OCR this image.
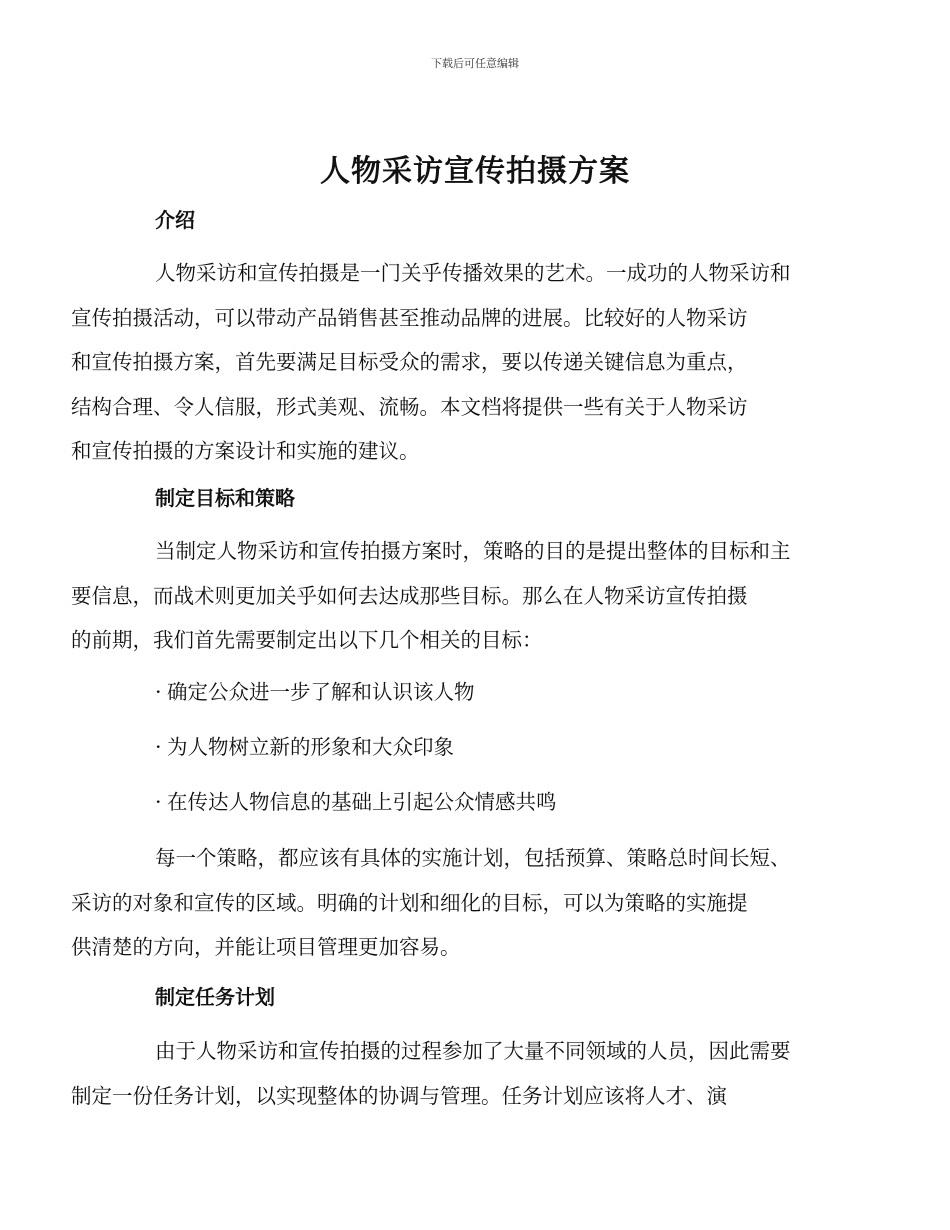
下载后可任意编辑
人物采访宣传拍摄方案
介绍
人物采访和宣传拍摄是一门关乎传播效果的艺术。一成功的人物采访和
宣传拍摄活动，可以带动产品销售甚至推动品牌的进展。比较好的人物采访
和宣传拍摄方案，首先要满足目标受众的需求，要以传递关键信息为重点，
结构合理、令人信服，形式美观、流畅。本文档将提供一些有关于人物采访
和宣传拍摄的方案设计和实施的建议。
制定目标和策略
当制定人物采访和宣传拍摄方案时，策略的目的是提出整体的目标和主
要信息，而战术则更加关乎如何去达成那些目标。那么在人物采访宣传拍摄
的前期，我们首先需要制定出以下几个相关的目标：
· 确定公众进一步了解和认识该人物
· 为人物树立新的形象和大众印象
· 在传达人物信息的基础上引起公众情感共鸣
每一个策略，都应该有具体的实施计划，包括预算、策略总时间长短、
采访的对象和宣传的区域。明确的计划和细化的目标，可以为策略的实施提
供清楚的方向，并能让项目管理更加容易。
制定任务计划
由于人物采访和宣传拍摄的过程参加了大量不同领域的人员，因此需要
制定一份任务计划，以实现整体的协调与管理。任务计划应该将人才、演
